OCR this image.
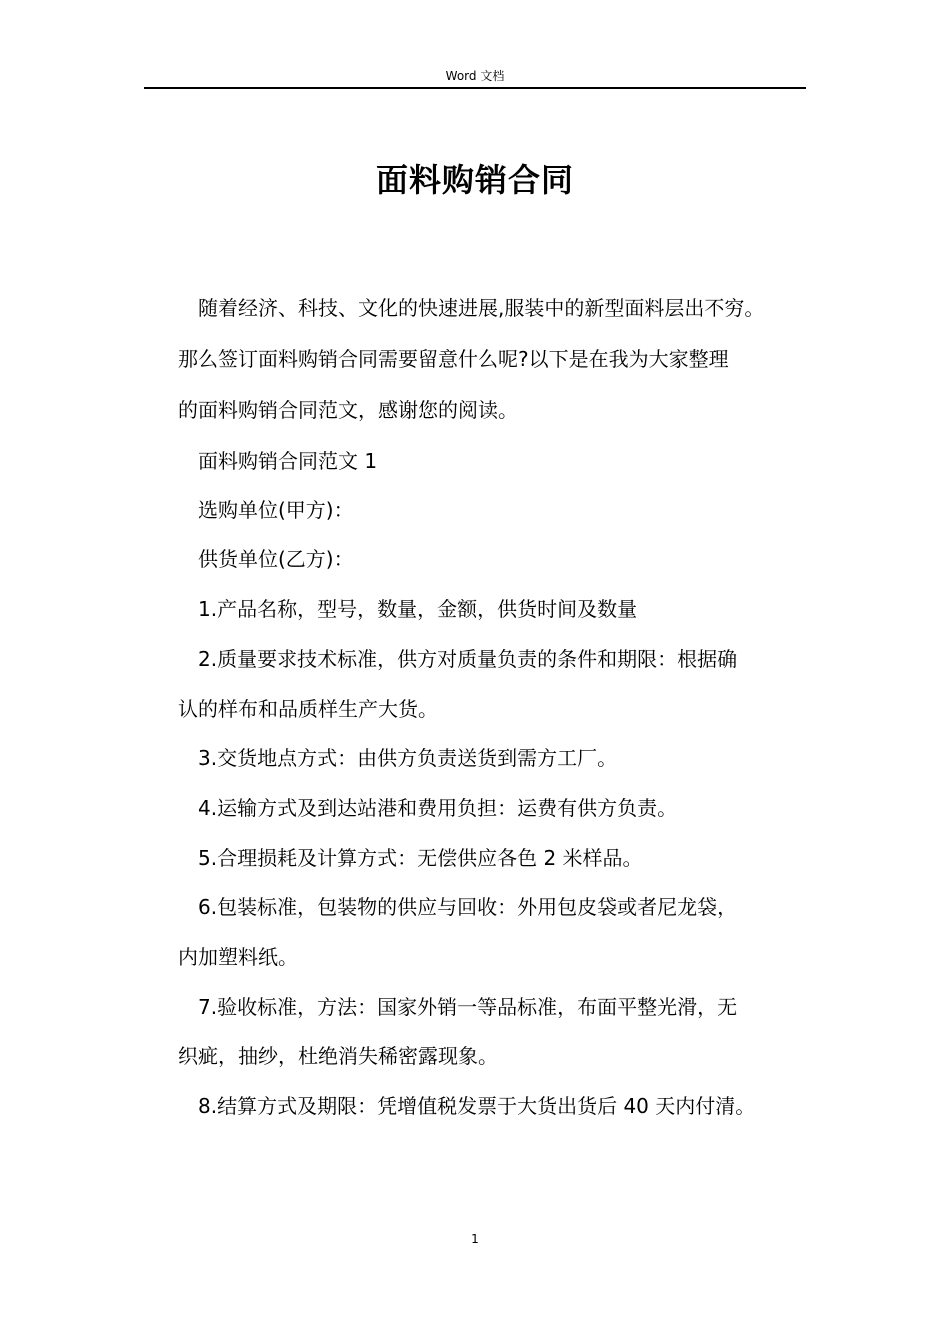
Word 文档
面料购销合同
随着经济、科技、文化的快速进展,服装中的新型面料层出不穷。
那么签订面料购销合同需要留意什么呢?以下是在我为大家整理
的面料购销合同范文，感谢您的阅读。
面料购销合同范文 1
选购单位(甲方)：
供货单位(乙方)：
1.产品名称，型号，数量，金额，供货时间及数量
2.质量要求技术标准，供方对质量负责的条件和期限：根据确
认的样布和品质样生产大货。
3.交货地点方式：由供方负责送货到需方工厂。
4.运输方式及到达站港和费用负担：运费有供方负责。
5.合理损耗及计算方式：无偿供应各色 2 米样品。
6.包装标准，包装物的供应与回收：外用包皮袋或者尼龙袋，
内加塑料纸。
7.验收标准，方法：国家外销一等品标准，布面平整光滑，无
织疵，抽纱，杜绝消失稀密露现象。
8.结算方式及期限：凭增值税发票于大货出货后 40 天内付清。
1
